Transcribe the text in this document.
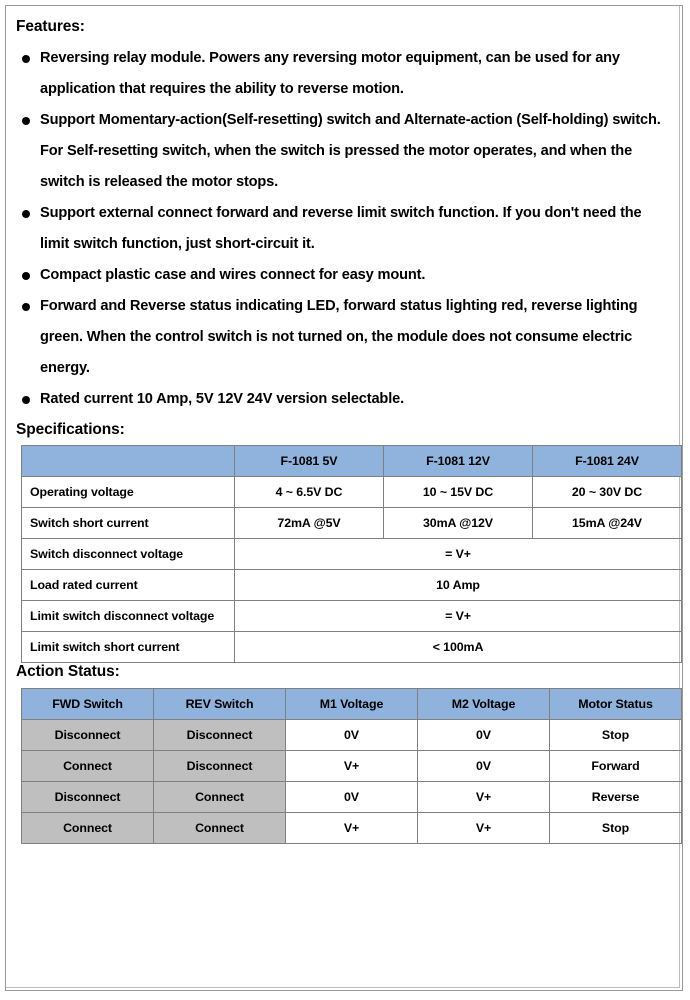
Features:
Reversing relay module. Powers any reversing motor equipment, can be used for any application that requires the ability to reverse motion.
Support Momentary-action(Self-resetting) switch and Alternate-action (Self-holding) switch. For Self-resetting switch, when the switch is pressed the motor operates, and when the switch is released the motor stops.
Support external connect forward and reverse limit switch function. If you don't need the limit switch function, just short-circuit it.
Compact plastic case and wires connect for easy mount.
Forward and Reverse status indicating LED, forward status lighting red, reverse lighting green. When the control switch is not turned on, the module does not consume electric energy.
Rated current 10 Amp, 5V 12V 24V version selectable.
Specifications:
	F-1081 5V	F-1081 12V	F-1081 24V
Operating voltage	4 ~ 6.5V DC	10 ~ 15V DC	20 ~ 30V DC
Switch short current	72mA @5V	30mA @12V	15mA @24V
Switch disconnect voltage	= V+		
Load rated current	10 Amp		
Limit switch disconnect voltage	= V+		
Limit switch short current	< 100mA		
Action Status:
FWD Switch	REV Switch	M1 Voltage	M2 Voltage	Motor Status
Disconnect	Disconnect	0V	0V	Stop
Connect	Disconnect	V+	0V	Forward
Disconnect	Connect	0V	V+	Reverse
Connect	Connect	V+	V+	Stop
